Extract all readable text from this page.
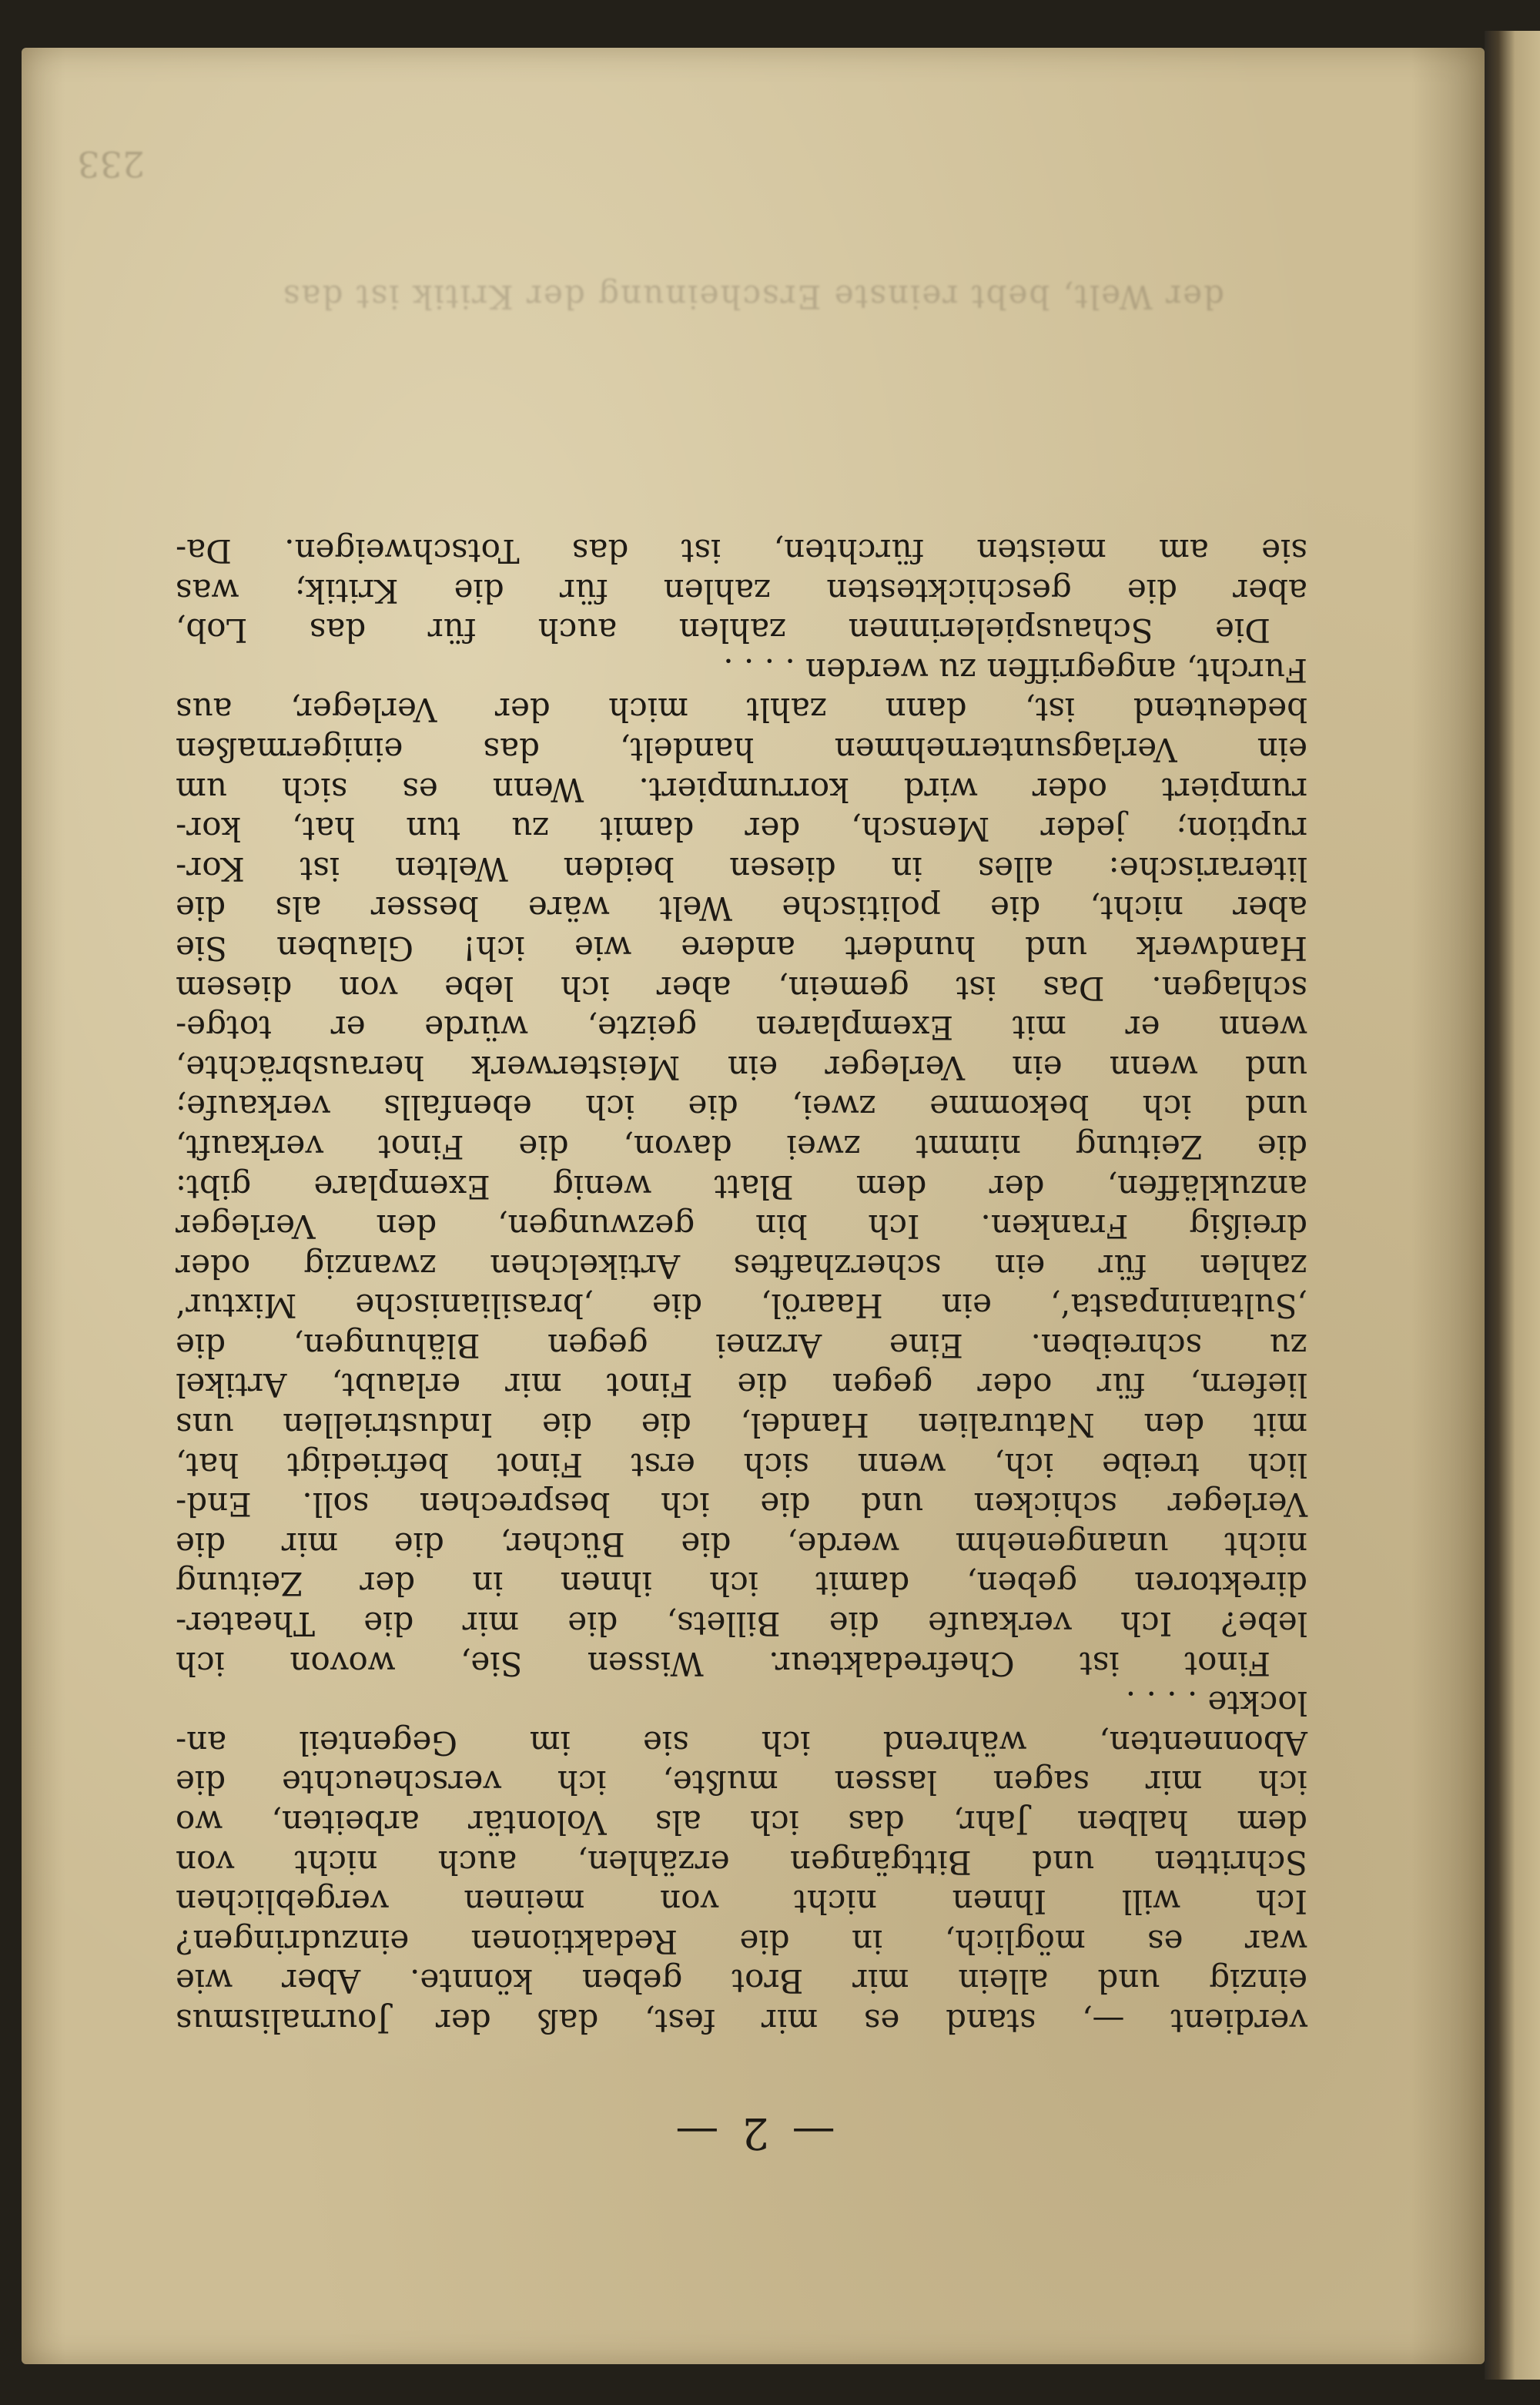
— 2 —
verdient —, stand es mir fest, daß der Journalismus
einzig und allein mir Brot geben könnte. Aber wie
war es möglich, in die Redaktionen einzudringen?
Ich will Ihnen nicht von meinen vergeblichen
Schritten und Bittgängen erzählen, auch nicht von
dem halben Jahr, das ich als Volontär arbeiten, wo
ich mir sagen lassen mußte, ich verscheuchte die
Abonnenten, während ich sie im Gegenteil an-
lockte . . . .
Finot ist Chefredakteur. Wissen Sie, wovon ich
lebe? Ich verkaufe die Billets, die mir die Theater-
direktoren geben, damit ich ihnen in der Zeitung
nicht unangenehm werde, die Bücher, die mir die
Verleger schicken und die ich besprechen soll. End-
lich treibe ich, wenn sich erst Finot befriedigt hat,
mit den Naturalien Handel, die die Industriellen uns
liefern, für oder gegen die Finot mir erlaubt, Artikel
zu schreiben. Eine Arznei gegen Blähungen, die
‚Sultaninpasta‘, ein Haaröl, die ‚brasilianische Mixtur‘
zahlen für ein scherzhaftes Artikelchen zwanzig oder
dreißig Franken. Ich bin gezwungen, den Verleger
anzukläffen, der dem Blatt wenig Exemplare gibt:
die Zeitung nimmt zwei davon, die Finot verkauft,
und ich bekomme zwei, die ich ebenfalls verkaufe;
und wenn ein Verleger ein Meisterwerk herausbrächte,
wenn er mit Exemplaren geizte, würde er totge-
schlagen. Das ist gemein, aber ich lebe von diesem
Handwerk und hundert andere wie ich! Glauben Sie
aber nicht, die politische Welt wäre besser als die
literarische: alles in diesen beiden Welten ist Kor-
ruption; jeder Mensch, der damit zu tun hat, kor-
rumpiert oder wird korrumpiert. Wenn es sich um
ein Verlagsunternehmen handelt, das einigermaßen
bedeutend ist, dann zahlt mich der Verleger, aus
Furcht, angegriffen zu werden . . . .
Die Schauspielerinnen zahlen auch für das Lob,
aber die geschicktesten zahlen für die Kritik; was
sie am meisten fürchten, ist das Totschweigen. Da-
der Welt, bebt reinste Erscheinung der Kritik ist das
233
